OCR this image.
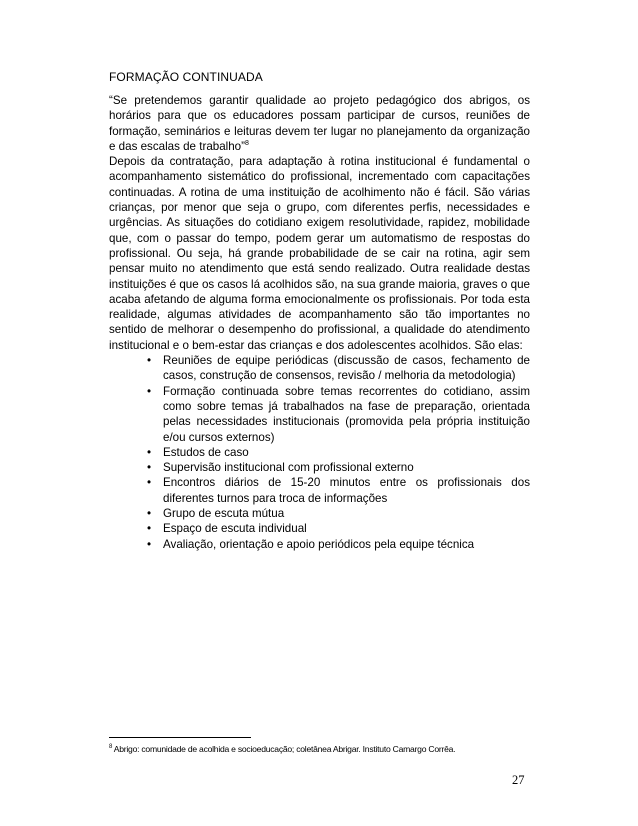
FORMAÇÃO CONTINUADA

“Se pretendemos garantir qualidade ao projeto pedagógico dos abrigos, os horários para que os educadores possam participar de cursos, reuniões de formação, seminários e leituras devem ter lugar no planejamento da organização e das escalas de trabalho”$^8$

Depois da contratação, para adaptação à rotina institucional é fundamental o acompanhamento sistemático do profissional, incrementado com capacitações continuadas. A rotina de uma instituição de acolhimento não é fácil. São várias crianças, por menor que seja o grupo, com diferentes perfis, necessidades e urgências. As situações do cotidiano exigem resolutividade, rapidez, mobilidade que, com o passar do tempo, podem gerar um automatismo de respostas do profissional. Ou seja, há grande probabilidade de se cair na rotina, agir sem pensar muito no atendimento que está sendo realizado. Outra realidade destas instituições é que os casos lá acolhidos são, na sua grande maioria, graves o que acaba afetando de alguma forma emocionalmente os profissionais. Por toda esta realidade, algumas atividades de acompanhamento são tão importantes no sentido de melhorar o desempenho do profissional, a qualidade do atendimento institucional e o bem-estar das crianças e dos adolescentes acolhidos. São elas:

• Reuniões de equipe periódicas (discussão de casos, fechamento de casos, construção de consensos, revisão / melhoria da metodologia)
• Formação continuada sobre temas recorrentes do cotidiano, assim como sobre temas já trabalhados na fase de preparação, orientada pelas necessidades institucionais (promovida pela própria instituição e/ou cursos externos)
• Estudos de caso
• Supervisão institucional com profissional externo
• Encontros diários de 15-20 minutos entre os profissionais dos diferentes turnos para troca de informações
• Grupo de escuta mútua
• Espaço de escuta individual
• Avaliação, orientação e apoio periódicos pela equipe técnica
$^8$ Abrigo: comunidade de acolhida e socioeducação; coletânea Abrigar. Instituto Camargo Corrêa.
27
